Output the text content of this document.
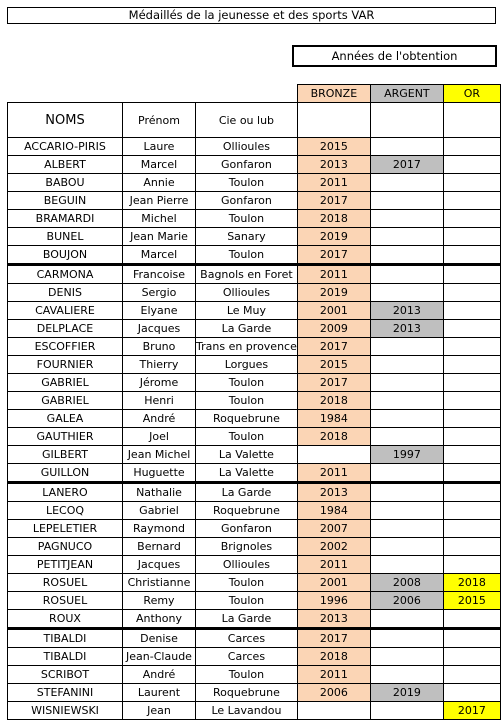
Médaillés de la jeunesse et des sports VAR
Années de l'obtention
			BRONZE	ARGENT	OR
NOMS	Prénom	Cie ou lub			
ACCARIO-PIRIS	Laure	Ollioules	2015		
ALBERT	Marcel	Gonfaron	2013	2017	
BABOU	Annie	Toulon	2011		
BEGUIN	Jean Pierre	Gonfaron	2017		
BRAMARDI	Michel	Toulon	2018		
BUNEL	Jean Marie	Sanary	2019		
BOUJON	Marcel	Toulon	2017		
CARMONA	Francoise	Bagnols en Foret	2011		
DENIS	Sergio	Ollioules	2019		
CAVALIERE	Elyane	Le Muy	2001	2013	
DELPLACE	Jacques	La Garde	2009	2013	
ESCOFFIER	Bruno	Trans en provence	2017		
FOURNIER	Thierry	Lorgues	2015		
GABRIEL	Jérome	Toulon	2017		
GABRIEL	Henri	Toulon	2018		
GALEA	André	Roquebrune	1984		
GAUTHIER	Joel	Toulon	2018		
GILBERT	Jean Michel	La Valette		1997	
GUILLON	Huguette	La Valette	2011		
LANERO	Nathalie	La Garde	2013		
LECOQ	Gabriel	Roquebrune	1984		
LEPELETIER	Raymond	Gonfaron	2007		
PAGNUCO	Bernard	Brignoles	2002		
PETITJEAN	Jacques	Ollioules	2011		
ROSUEL	Christianne	Toulon	2001	2008	2018
ROSUEL	Remy	Toulon	1996	2006	2015
ROUX	Anthony	La Garde	2013		
TIBALDI	Denise	Carces	2017		
TIBALDI	Jean-Claude	Carces	2018		
SCRIBOT	André	Toulon	2011		
STEFANINI	Laurent	Roquebrune	2006	2019	
WISNIEWSKI	Jean	Le Lavandou			2017
